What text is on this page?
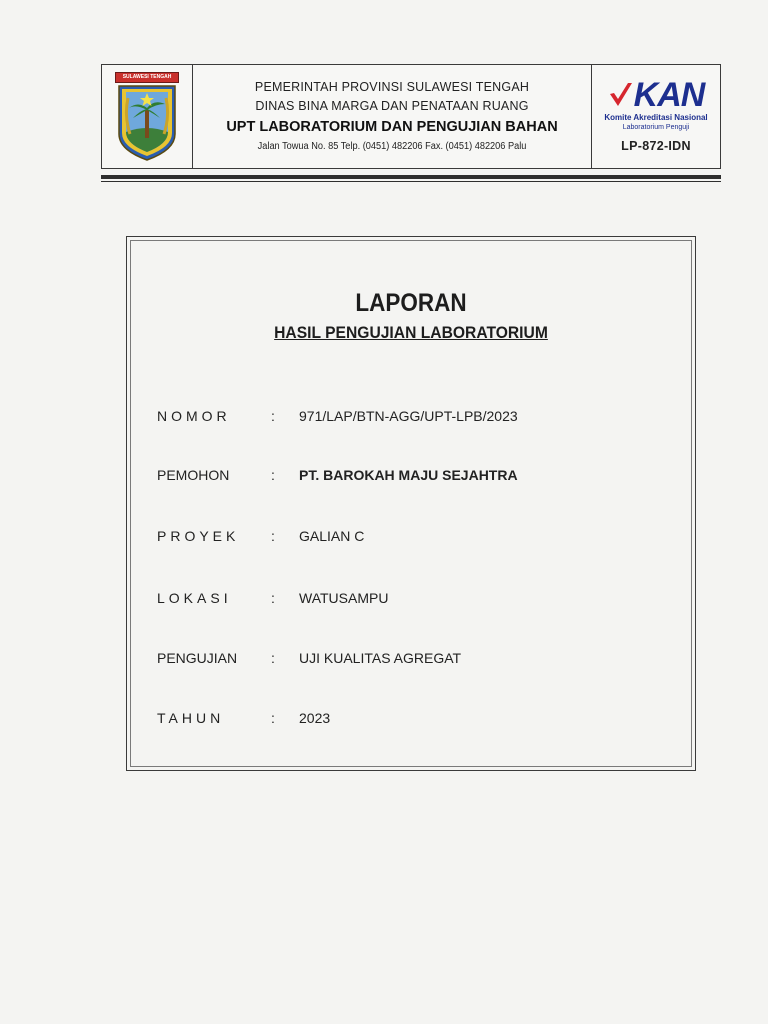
SULAWESI TENGAH
PEMERINTAH PROVINSI SULAWESI TENGAH
DINAS BINA MARGA DAN PENATAAN RUANG
UPT LABORATORIUM DAN PENGUJIAN BAHAN
Jalan Towua No. 85 Telp. (0451) 482206 Fax. (0451) 482206 Palu
KAN
Komite Akreditasi Nasional
Laboratorium Penguji
LP-872-IDN
LAPORAN
HASIL PENGUJIAN LABORATORIUM
NOMOR	: 971/LAP/BTN-AGG/UPT-LPB/2023
PEMOHON	: PT. BAROKAH MAJU SEJAHTRA
PROYEK : GALIAN C
LOKASI	: WATUSAMPU
PENGUJIAN : UJI KUALITAS AGREGAT
TAHUN	: 2023
